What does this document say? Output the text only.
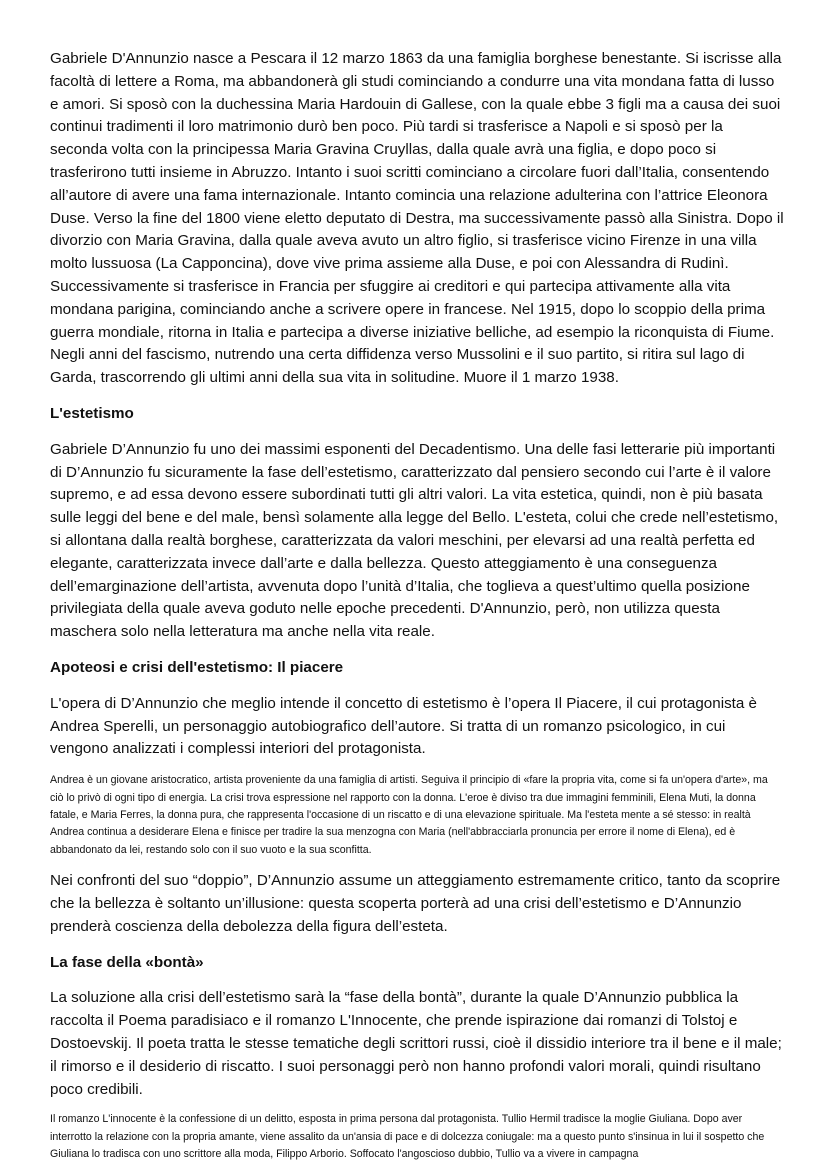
Gabriele D'Annunzio nasce a Pescara il 12 marzo 1863 da una famiglia borghese benestante. Si iscrisse alla facoltà di lettere a Roma, ma abbandonerà gli studi cominciando a condurre una vita mondana fatta di lusso e amori. Si sposò con la duchessina Maria Hardouin di Gallese, con la quale ebbe 3 figli ma a causa dei suoi continui tradimenti il loro matrimonio durò ben poco. Più tardi si trasferisce a Napoli e si sposò per la seconda volta con la principessa Maria Gravina Cruyllas, dalla quale avrà una figlia, e dopo poco si trasferirono tutti insieme in Abruzzo. Intanto i suoi scritti cominciano a circolare fuori dall’Italia, consentendo all’autore di avere una fama internazionale. Intanto comincia una relazione adulterina con l’attrice Eleonora Duse. Verso la fine del 1800 viene eletto deputato di Destra, ma successivamente passò alla Sinistra. Dopo il divorzio con Maria Gravina, dalla quale aveva avuto un altro figlio, si trasferisce vicino Firenze in una villa molto lussuosa (La Capponcina), dove vive prima assieme alla Duse, e poi con Alessandra di Rudinì. Successivamente si trasferisce in Francia per sfuggire ai creditori e qui partecipa attivamente alla vita mondana parigina, cominciando anche a scrivere opere in francese. Nel 1915, dopo lo scoppio della prima guerra mondiale, ritorna in Italia e partecipa a diverse iniziative belliche, ad esempio la riconquista di Fiume. Negli anni del fascismo, nutrendo una certa diffidenza verso Mussolini e il suo partito, si ritira sul lago di Garda, trascorrendo gli ultimi anni della sua vita in solitudine. Muore il 1 marzo 1938.

L'estetismo

Gabriele D’Annunzio fu uno dei massimi esponenti del Decadentismo. Una delle fasi letterarie più importanti di D’Annunzio fu sicuramente la fase dell’estetismo, caratterizzato dal pensiero secondo cui l’arte è il valore supremo, e ad essa devono essere subordinati tutti gli altri valori. La vita estetica, quindi, non è più basata sulle leggi del bene e del male, bensì solamente alla legge del Bello. L'esteta, colui che crede nell’estetismo, si allontana dalla realtà borghese, caratterizzata da valori meschini, per elevarsi ad una realtà perfetta ed elegante, caratterizzata invece dall’arte e dalla bellezza. Questo atteggiamento è una conseguenza dell’emarginazione dell’artista, avvenuta dopo l’unità d’Italia, che toglieva a quest’ultimo quella posizione privilegiata della quale aveva goduto nelle epoche precedenti. D'Annunzio, però, non utilizza questa maschera solo nella letteratura ma anche nella vita reale.

Apoteosi e crisi dell'estetismo: Il piacere

L'opera di D’Annunzio che meglio intende il concetto di estetismo è l’opera Il Piacere, il cui protagonista è Andrea Sperelli, un personaggio autobiografico dell’autore. Si tratta di un romanzo psicologico, in cui vengono analizzati i complessi interiori del protagonista.

Andrea è un giovane aristocratico, artista proveniente da una famiglia di artisti. Seguiva il principio di «fare la propria vita, come si fa un'opera d'arte», ma ciò lo privò di ogni tipo di energia. La crisi trova espressione nel rapporto con la donna. L'eroe è diviso tra due immagini femminili, Elena Muti, la donna fatale, e Maria Ferres, la donna pura, che rappresenta l'occasione di un riscatto e di una elevazione spirituale. Ma l'esteta mente a sé stesso: in realtà Andrea continua a desiderare Elena e finisce per tradire la sua menzogna con Maria (nell'abbracciarla pronuncia per errore il nome di Elena), ed è abbandonato da lei, restando solo con il suo vuoto e la sua sconfitta.

Nei confronti del suo “doppio”, D’Annunzio assume un atteggiamento estremamente critico, tanto da scoprire che la bellezza è soltanto un’illusione: questa scoperta porterà ad una crisi dell’estetismo e D’Annunzio prenderà coscienza della debolezza della figura dell’esteta.

La fase della «bontà»

La soluzione alla crisi dell’estetismo sarà la “fase della bontà”, durante la quale D’Annunzio pubblica la raccolta il Poema paradisiaco e il romanzo L'Innocente, che prende ispirazione dai romanzi di Tolstoj e Dostoevskij. Il poeta tratta le stesse tematiche degli scrittori russi, cioè il dissidio interiore tra il bene e il male; il rimorso e il desiderio di riscatto. I suoi personaggi però non hanno profondi valori morali, quindi risultano poco credibili.

Il romanzo L'innocente è la confessione di un delitto, esposta in prima persona dal protagonista. Tullio Hermil tradisce la moglie Giuliana. Dopo aver interrotto la relazione con la propria amante, viene assalito da un'ansia di pace e di dolcezza coniugale: ma a questo punto s'insinua in lui il sospetto che Giuliana lo tradisca con uno scrittore alla moda, Filippo Arborio. Soffocato l'angoscioso dubbio, Tullio va a vivere in campagna
